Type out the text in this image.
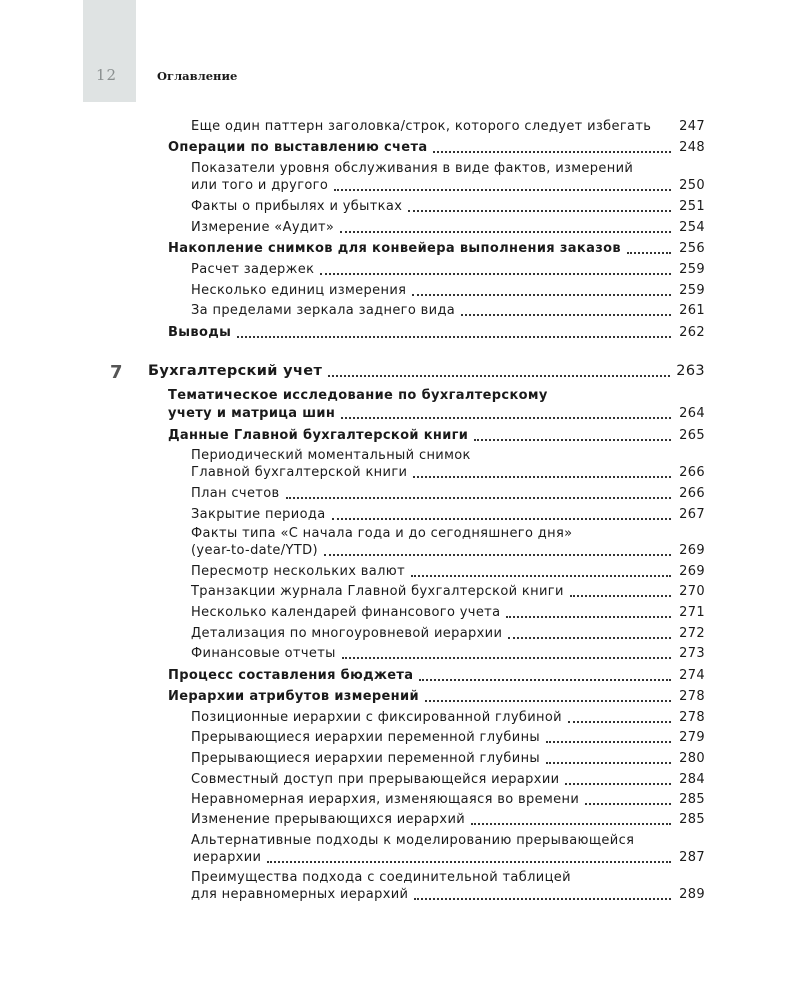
12	Оглавление
Еще один паттерн заголовка/строк, которого следует избегать 247
Операции по выставлению счета	248
Показатели уровня обслуживания в виде фактов, измерений
или того и другого	250
Факты о прибылях и убытках	251
Измерение «Аудит»	254
Накопление снимков для конвейера выполнения заказов	256
Расчет задержек	259
Несколько единиц измерения	259
За пределами зеркала заднего вида	261
Выводы	262
7 Бухгалтерский учет	263
Тематическое исследование по бухгалтерскому
учету и матрица шин	264
Данные Главной бухгалтерской книги	265
Периодический моментальный снимок
Главной бухгалтерской книги	266
План счетов	266
Закрытие периода	267
Факты типа «С начала года и до сегодняшнего дня»
(year-to-date/YTD)	269
Пересмотр нескольких валют	269
Транзакции журнала Главной бухгалтерской книги	270
Несколько календарей финансового учета	271
Детализация по многоуровневой иерархии	272
Финансовые отчеты	273
Процесс составления бюджета	274
Иерархии атрибутов измерений	278
Позиционные иерархии с фиксированной глубиной	278
Прерывающиеся иерархии переменной глубины	279
Прерывающиеся иерархии переменной глубины	280
Совместный доступ при прерывающейся иерархии	284
Неравномерная иерархия, изменяющаяся во времени	285
Изменение прерывающихся иерархий	285
Альтернативные подходы к моделированию прерывающейся
иерархии	287
Преимущества подхода с соединительной таблицей
для неравномерных иерархий	289
